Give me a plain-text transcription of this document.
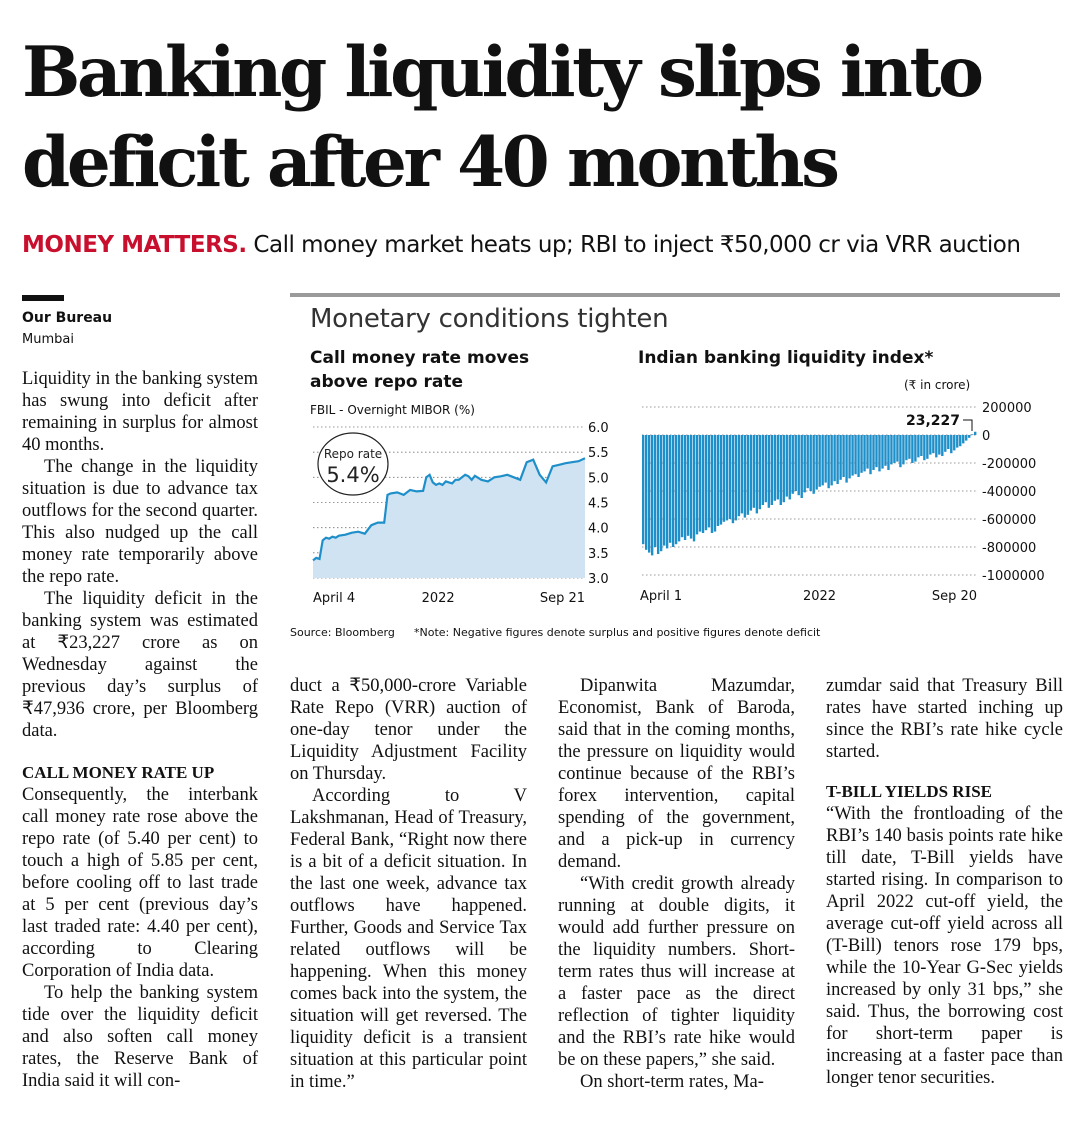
Banking liquidity slips into deficit after 40 months
MONEY MATTERS. Call money market heats up; RBI to inject ₹50,000 cr via VRR auction
Our Bureau
Mumbai
Monetary conditions tighten
Call money rate moves above repo rate
FBIL - Overnight MIBOR (%)
6.0
5.5
5.0
4.5
4.0
3.5
3.0
April 4	2022	Sep 21
Repo rate
5.4%
Indian banking liquidity index*
(₹ in crore)
200000
0
-200000
-400000
-600000
-800000
-1000000
April 1	2022	Sep 20
23,227
Source: Bloomberg *Note: Negative figures denote surplus and positive figures denote deficit

Liquidity in the banking system has swung into deficit after remaining in surplus for almost 40 months.

The change in the liquidity situation is due to advance tax outflows for the second quarter. This also nudged up the call money rate temporarily above the repo rate.

The liquidity deficit in the banking system was estimated at ₹23,227 crore as on Wednesday against the previous day’s surplus of ₹47,936 crore, per Bloomberg data.

CALL MONEY RATE UP

Consequently, the interbank call money rate rose above the repo rate (of 5.40 per cent) to touch a high of 5.85 per cent, before cooling off to last trade at 5 per cent (previous day’s last traded rate: 4.40 per cent), according to Clearing Corporation of India data.

To help the banking system tide over the liquidity deficit and also soften call money rates, the Reserve Bank of India said it will con-

duct a ₹50,000-crore Variable Rate Repo (VRR) auction of one-day tenor under the Liquidity Adjustment Facility on Thursday.

According to V Lakshmanan, Head of Treasury, Federal Bank, “Right now there is a bit of a deficit situation. In the last one week, advance tax outflows have happened. Further, Goods and Service Tax related outflows will be happening. When this money comes back into the system, the situation will get reversed. The liquidity deficit is a transient situation at this particular point in time.”

Dipanwita Mazumdar, Economist, Bank of Baroda, said that in the coming months, the pressure on liquidity would continue because of the RBI’s forex intervention, capital spending of the government, and a pick-up in currency demand.

“With credit growth already running at double digits, it would add further pressure on the liquidity numbers. Short-term rates thus will increase at a faster pace as the direct reflection of tighter liquidity and the RBI’s rate hike would be on these papers,” she said.

On short-term rates, Ma-

zumdar said that Treasury Bill rates have started inching up since the RBI’s rate hike cycle started.

T-BILL YIELDS RISE

“With the frontloading of the RBI’s 140 basis points rate hike till date, T-Bill yields have started rising. In comparison to April 2022 cut-off yield, the average cut-off yield across all (T-Bill) tenors rose 179 bps, while the 10-Year G-Sec yields increased by only 31 bps,” she said. Thus, the borrowing cost for short-term paper is increasing at a faster pace than longer tenor securities.
